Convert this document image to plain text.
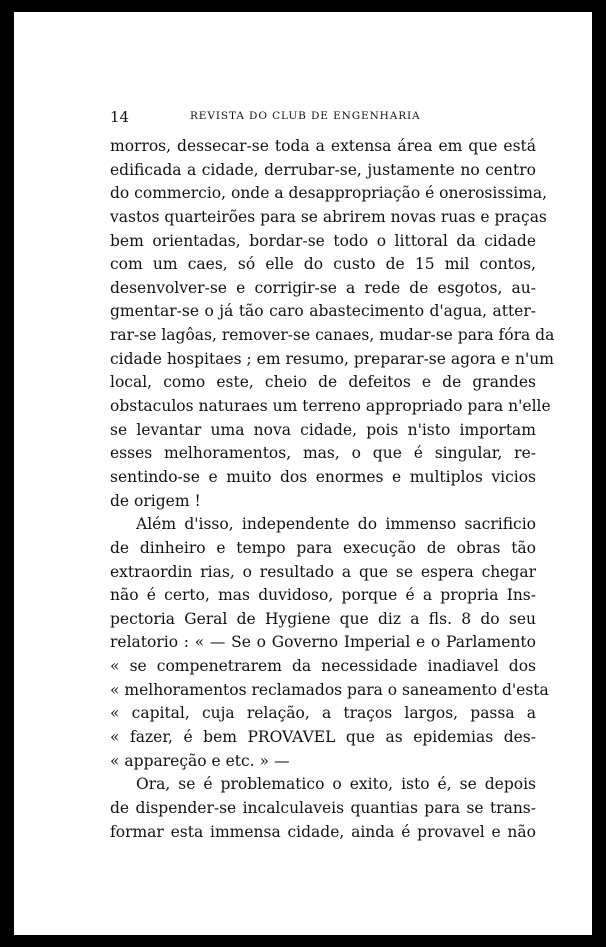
14	REVISTA DO CLUB DE ENGENHARIA
morros, dessecar-se toda a extensa área em que está
edificada a cidade, derrubar-se, justamente no centro
do commercio, onde a desappropriação é onerosissima,
vastos quarteirões para se abrirem novas ruas e praças
bem orientadas, bordar-se todo o littoral da cidade
com um caes, só elle do custo de 15 mil contos,
desenvolver-se e corrigir-se a rede de esgotos, au-
gmentar-se o já tão caro abastecimento d'agua, atter-
rar-se lagôas, remover-se canaes, mudar-se para fóra da
cidade hospitaes ; em resumo, preparar-se agora e n'um
local, como este, cheio de defeitos e de grandes
obstaculos naturaes um terreno appropriado para n'elle
se levantar uma nova cidade, pois n'isto importam
esses melhoramentos, mas, o que é singular, re-
sentindo-se e muito dos enormes e multiplos vicios
de origem !
Além d'isso, independente do immenso sacrificio
de dinheiro e tempo para execução de obras tão
extraordin rias, o resultado a que se espera chegar
não é certo, mas duvidoso, porque é a propria Ins-
pectoria Geral de Hygiene que diz a fls. 8 do seu
relatorio : « — Se o Governo Imperial e o Parlamento
« se compenetrarem da necessidade inadiavel dos
« melhoramentos reclamados para o saneamento d'esta
« capital, cuja relação, a traços largos, passa a
« fazer, é bem PROVAVEL que as epidemias des-
« appareção e etc. » —
Ora, se é problematico o exito, isto é, se depois
de dispender-se incalculaveis quantias para se trans-
formar esta immensa cidade, ainda é provavel e não
